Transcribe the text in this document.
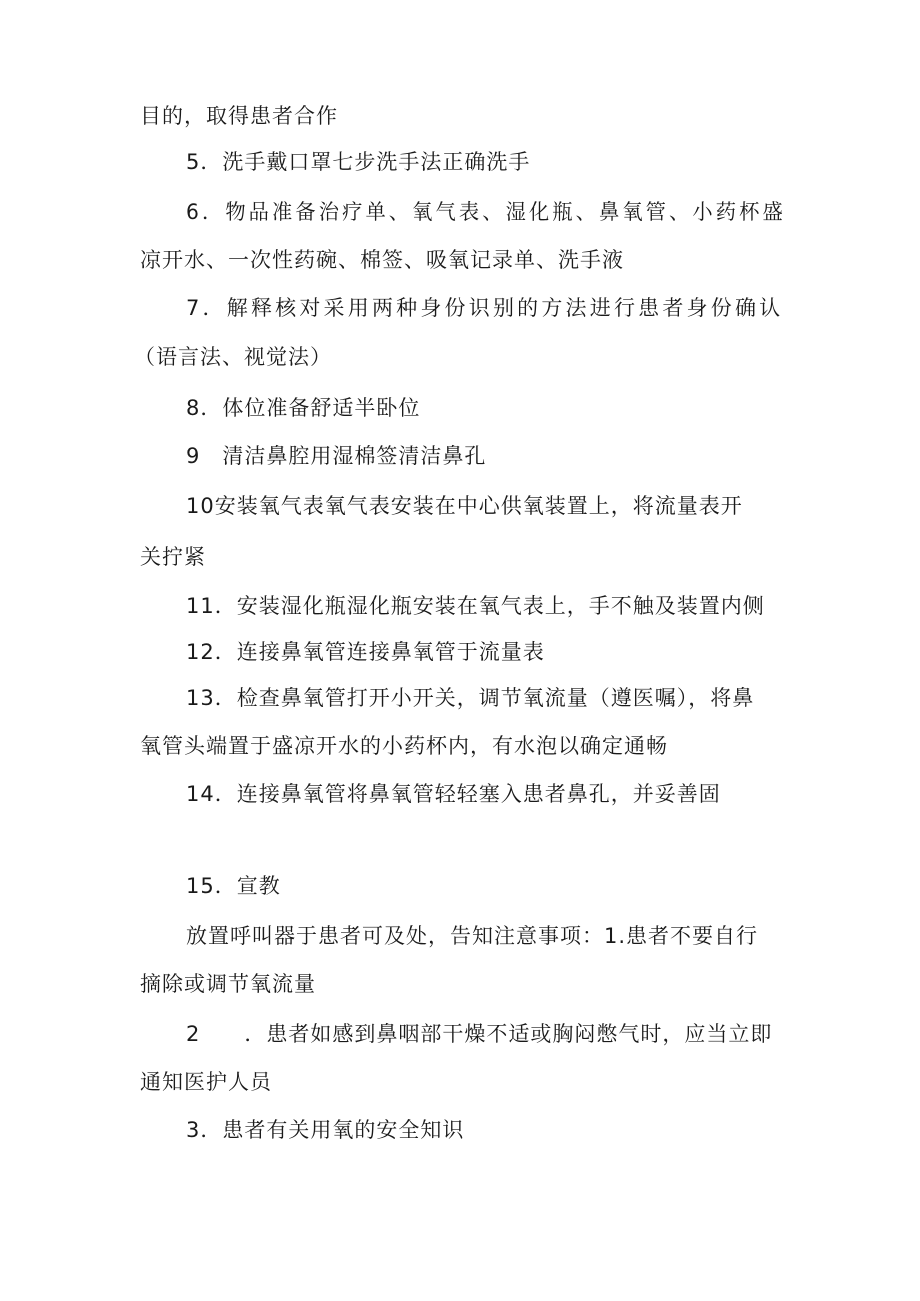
目的，取得患者合作
5．洗手戴口罩七步洗手法正确洗手
6．物品准备治疗单、氧气表、湿化瓶、鼻氧管、小药杯盛
凉开水、一次性药碗、棉签、吸氧记录单、洗手液
7．解释核对采用两种身份识别的方法进行患者身份确认
（语言法、视觉法）
8．体位准备舒适半卧位
9　清洁鼻腔用湿棉签清洁鼻孔
10安装氧气表氧气表安装在中心供氧装置上，将流量表开
关拧紧
11．安装湿化瓶湿化瓶安装在氧气表上，手不触及装置内侧
12．连接鼻氧管连接鼻氧管于流量表
13．检查鼻氧管打开小开关，调节氧流量（遵医嘱），将鼻
氧管头端置于盛凉开水的小药杯内，有水泡以确定通畅
14．连接鼻氧管将鼻氧管轻轻塞入患者鼻孔，并妥善固
15．宣教
放置呼叫器于患者可及处，告知注意事项：1.患者不要自行
摘除或调节氧流量
2　　．患者如感到鼻咽部干燥不适或胸闷憋气时，应当立即
通知医护人员
3．患者有关用氧的安全知识
